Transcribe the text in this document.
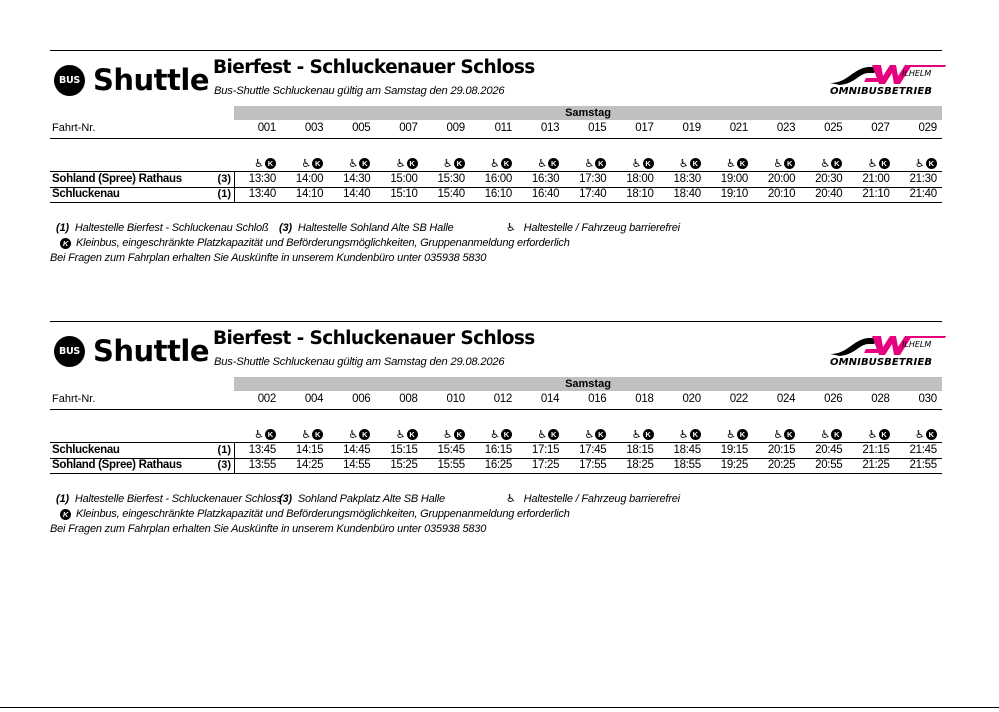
BUS Shuttle Bierfest - Schluckenauer Schloss
Bus-Shuttle Schluckenau gültig am Samstag den 29.08.2026
ILHELM
OMNIBUSBETRIEB
Samstag
Fahrt-Nr.	001	003	005	007	009	011	013	015	017	019	021	023	025	027	029
♿ K	♿ K	♿ K	♿ K	♿ K	♿ K	♿ K	♿ K	♿ K	♿ K	♿ K	♿ K	♿ K	♿ K	♿ K
Sohland (Spree) Rathaus	(3)	13:30	14:00	14:30	15:00	15:30	16:00	16:30	17:30	18:00	18:30	19:00	20:00	20:30	21:00	21:30
Schluckenau	(1)	13:40	14:10	14:40	15:10	15:40	16:10	16:40	17:40	18:10	18:40	19:10	20:10	20:40	21:10	21:40
(1) Haltestelle Bierfest - Schluckenau Schloß (3) Haltestelle Sohland Alte SB Halle	♿ Haltestelle / Fahrzeug barrierefrei
K Kleinbus, eingeschränkte Platzkapazität und Beförderungsmöglichkeiten, Gruppenanmeldung erforderlich
Bei Fragen zum Fahrplan erhalten Sie Auskünfte in unserem Kundenbüro unter 035938 5830
BUS Shuttle Bierfest - Schluckenauer Schloss
Bus-Shuttle Schluckenau gültig am Samstag den 29.08.2026
ILHELM
OMNIBUSBETRIEB
Samstag
Fahrt-Nr.	002	004	006	008	010	012	014	016	018	020	022	024	026	028	030
♿ K	♿ K	♿ K	♿ K	♿ K	♿ K	♿ K	♿ K	♿ K	♿ K	♿ K	♿ K	♿ K	♿ K	♿ K
Schluckenau	(1)	13:45	14:15	14:45	15:15	15:45	16:15	17:15	17:45	18:15	18:45	19:15	20:15	20:45	21:15	21:45
Sohland (Spree) Rathaus	(3)	13:55	14:25	14:55	15:25	15:55	16:25	17:25	17:55	18:25	18:55	19:25	20:25	20:55	21:25	21:55
(1) Haltestelle Bierfest - Schluckenauer Schloss
(3) Sohland Pakplatz Alte SB Halle	♿ Haltestelle / Fahrzeug barrierefrei
K Kleinbus, eingeschränkte Platzkapazität und Beförderungsmöglichkeiten, Gruppenanmeldung erforderlich
Bei Fragen zum Fahrplan erhalten Sie Auskünfte in unserem Kundenbüro unter 035938 5830
